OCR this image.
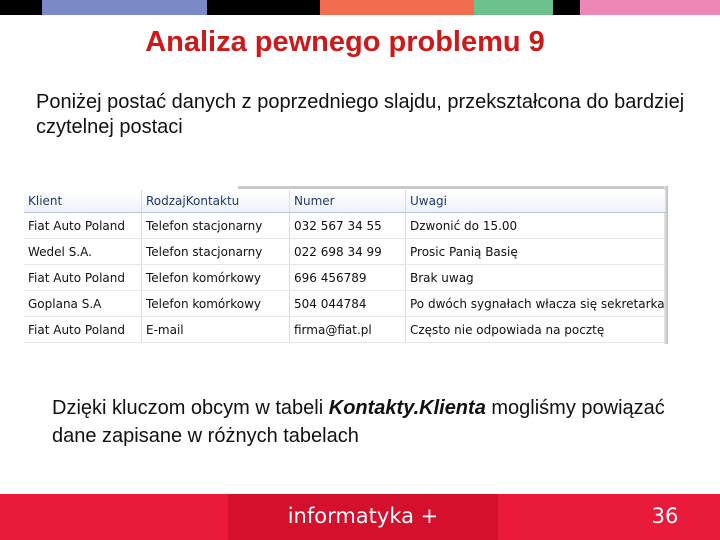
Analiza pewnego problemu 9

Poniżej postać danych z poprzedniego slajdu, przekształcona do bardziej czytelnej postaci

Klient	RodzajKontaktu	Numer	Uwagi
Fiat Auto Poland	Telefon stacjonarny	032 567 34 55	Dzwonić do 15.00
Wedel S.A.	Telefon stacjonarny	022 698 34 99	Prosic Panią Basię
Fiat Auto Poland	Telefon komórkowy	696 456789	Brak uwag
Goplana S.A	Telefon komórkowy	504 044784	Po dwóch sygnałach włacza się sekretarka
Fiat Auto Poland	E-mail	firma@fiat.pl	Często nie odpowiada na pocztę

Dzięki kluczom obcym w tabeli Kontakty.Klienta mogliśmy powiązać dane zapisane w różnych tabelach

informatyka +	36
